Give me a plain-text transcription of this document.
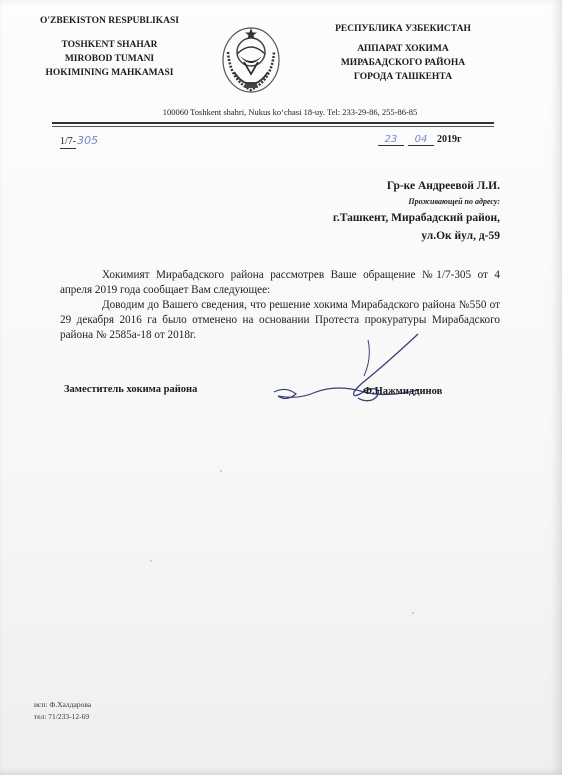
O'ZBEKISTON RESPUBLIKASI
TOSHKENT SHAHAR
MIROBOD TUMANI
HOKIMINING MAHKAMASI
РЕСПУБЛИКА УЗБЕКИСТАН
АППАРАТ ХОКИМА
МИРАБАДСКОГО РАЙОНА
ГОРОДА ТАШКЕНТА
100060 Toshkent shahri, Nukus ko‘chasi 18-uy. Tel: 233-29-86, 255-86-85
1/7-305	23 04 2019г
Гр-ке Андреевой Л.И.
Проживающей по адресу:
г.Ташкент, Мирабадский район,
ул.Ок йул, д-59

Хокимият Мирабадского района рассмотрев Ваше обращение №1/7-305 от 4 апреля 2019 года сообщает Вам следующее:

Доводим до Вашего сведения, что решение хокима Мирабадского района №550 от 29 декабря 2016 га было отменено на основании Протеста прокуратуры Мирабадского района № 2585а-18 от 2018г.

Заместитель хокима района	Ф.Нажмиддинов
исп: Ф.Халдарова
тел: 71/233-12-69
